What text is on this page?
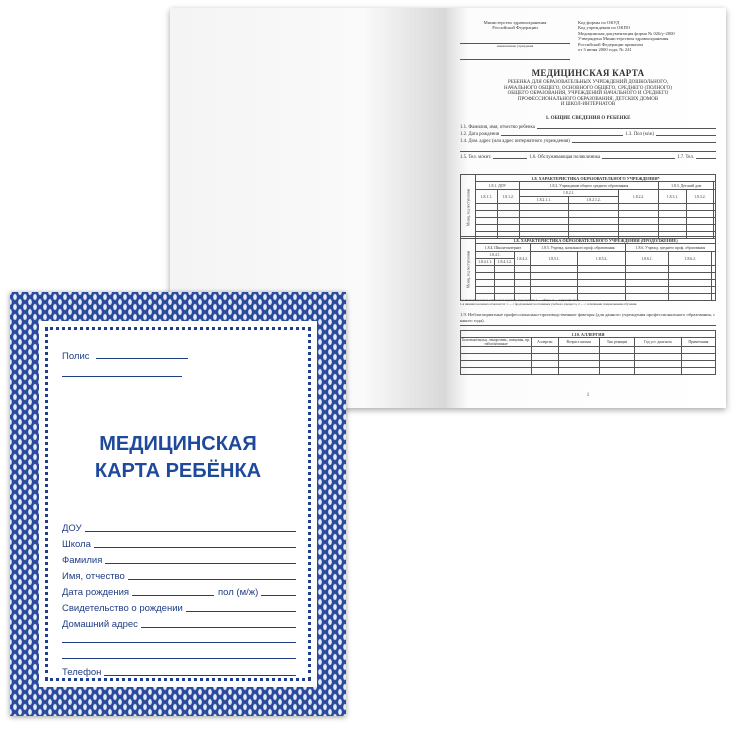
Министерство здравоохранения
Российской Федерации
наименование учреждения
Код формы по ОКУД
Код учреждения по ОКПО
Медицинская документация форма № 026/у-2000
Утверждена Министерством здравоохранения
Российской Федерации приказом
от 3 июня 2000 года, № 241
МЕДИЦИНСКАЯ КАРТА
РЕБЕНКА ДЛЯ ОБРАЗОВАТЕЛЬНЫХ УЧРЕЖДЕНИЙ ДОШКОЛЬНОГО,
НАЧАЛЬНОГО ОБЩЕГО, ОСНОВНОГО ОБЩЕГО, СРЕДНЕГО (ПОЛНОГО)
ОБЩЕГО ОБРАЗОВАНИЯ, УЧРЕЖДЕНИЙ НАЧАЛЬНОГО И СРЕДНЕГО
ПРОФЕССИОНАЛЬНОГО ОБРАЗОВАНИЯ, ДЕТСКИХ ДОМОВ
И ШКОЛ-ИНТЕРНАТОВ
1. ОБЩИЕ СВЕДЕНИЯ О РЕБЕНКЕ
1.1. Фамилия, имя, отчество ребенка
1.2. Дата рождения	1.3. Пол (м/ж)
1.4. Дом. адрес (или адрес интернатного учреждения)
1.5. Тел. м/жит.	1.6. Обслуживающая поликлиника	1.7. Тел.
Месяц, год поступления	1.8. ХАРАКТЕРИСТИКА ОБРАЗОВАТЕЛЬНОГО УЧРЕЖДЕНИЯ*							
	1.8.1. ДОУ		1.8.2. Учреждение общего среднего образования			1.8.3. Детский дом		
	1.8.1.1.	1.8.1.2.	1.8.2.1.		1.8.2.2.	1.8.3.1.	1.8.3.2.	
			1.8.2.1.1.	1.8.2.1.2.				

Месяц, год поступления	1.8. ХАРАКТЕРИСТИКА ОБРАЗОВАТЕЛЬНОГО УЧРЕЖДЕНИЯ (ПРОДОЛЖЕНИЕ)							
	1.8.4. Школа-интернат			1.8.5. Учрежд. начального проф. образования		1.8.6. Учрежд. среднего проф. образования		
	1.8.4.1.		1.8.4.2.	1.8.5.1.	1.8.5.2.	1.8.6.1.	1.8.6.2.	
	1.8.4.1.1.	1.8.4.1.2.						

* в нижних колонках отмечается характер учреждения: 1 — общее, 2 — коррекционное.
1-в нижних колонках отмечается: 1 — с продленным/ постоянным учебного процесса, 2 — с отличными специальными обучения.
1.9. Неблагоприятные профессионально-производственные факторы (для данного учреждения профессионального образования, с какого года).
1.10. АЛЛЕРГИЯ					
Бытовая/пыльц. лекарствен., пищевая, пр. забол/неясные	Аллерген	Возраст начала	Тип реакции	Год уст. диагноза	Примечания

1
Полис
МЕДИЦИНСКАЯ
КАРТА РЕБЁНКА
ДОУ
Школа
Фамилия
Имя, отчество
Дата рождения	пол (м/ж)
Свидетельство о рождении
Домашний адрес
Телефон
